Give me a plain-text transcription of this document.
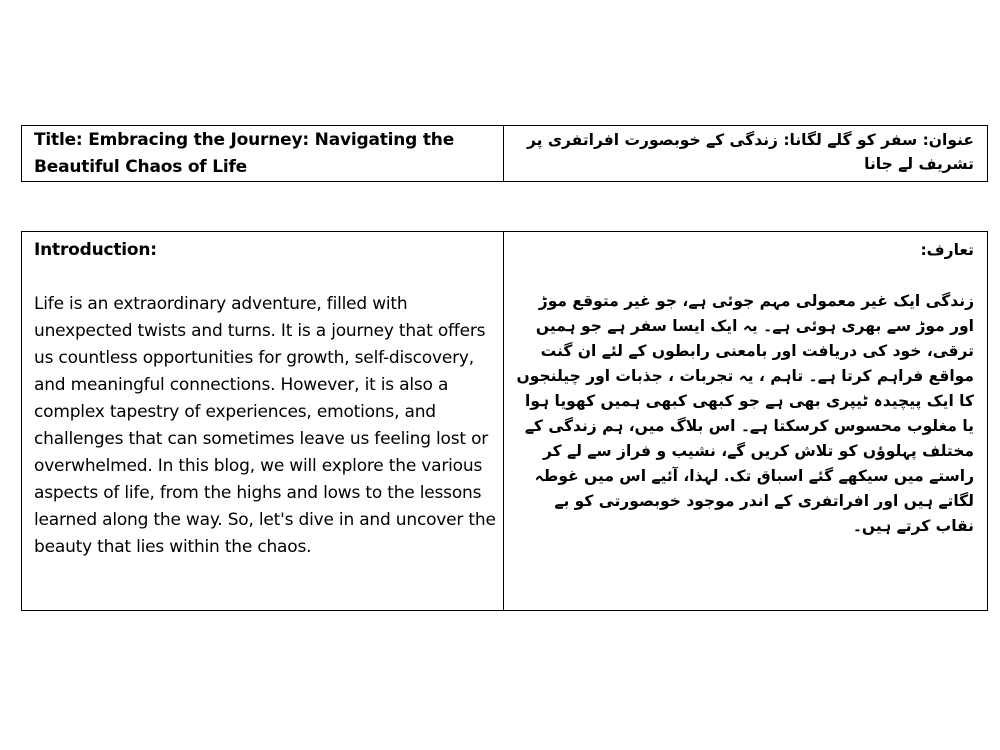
Title: Embracing the Journey: Navigating the Beautiful Chaos of Life

عنوان: سفر کو گلے لگانا: زندگی کے خوبصورت افراتفری پر تشریف لے جانا
Introduction:
Life is an extraordinary adventure, filled with unexpected twists and turns. It is a journey that offers us countless opportunities for growth, self-discovery, and meaningful connections. However, it is also a complex tapestry of experiences, emotions, and challenges that can sometimes leave us feeling lost or overwhelmed. In this blog, we will explore the various aspects of life, from the highs and lows to the lessons learned along the way. So, let's dive in and uncover the beauty that lies within the chaos.

تعارف:
زندگی ایک غیر معمولی مہم جوئی ہے، جو غیر متوقع موڑ اور موڑ سے بھری ہوئی ہے۔ یہ ایک ایسا سفر ہے جو ہمیں ترقی، خود کی دریافت اور بامعنی رابطوں کے لئے ان گنت مواقع فراہم کرتا ہے۔ تاہم ، یہ تجربات ، جذبات اور چیلنجوں کا ایک پیچیدہ ٹیپری بھی ہے جو کبھی کبھی ہمیں کھویا ہوا یا مغلوب محسوس کرسکتا ہے۔ اس بلاگ میں، ہم زندگی کے مختلف پہلوؤں کو تلاش کریں گے، نشیب و فراز سے لے کر راستے میں سیکھے گئے اسباق تک. لہذا، آئیے اس میں غوطہ لگاتے ہیں اور افراتفری کے اندر موجود خوبصورتی کو بے نقاب کرتے ہیں۔
